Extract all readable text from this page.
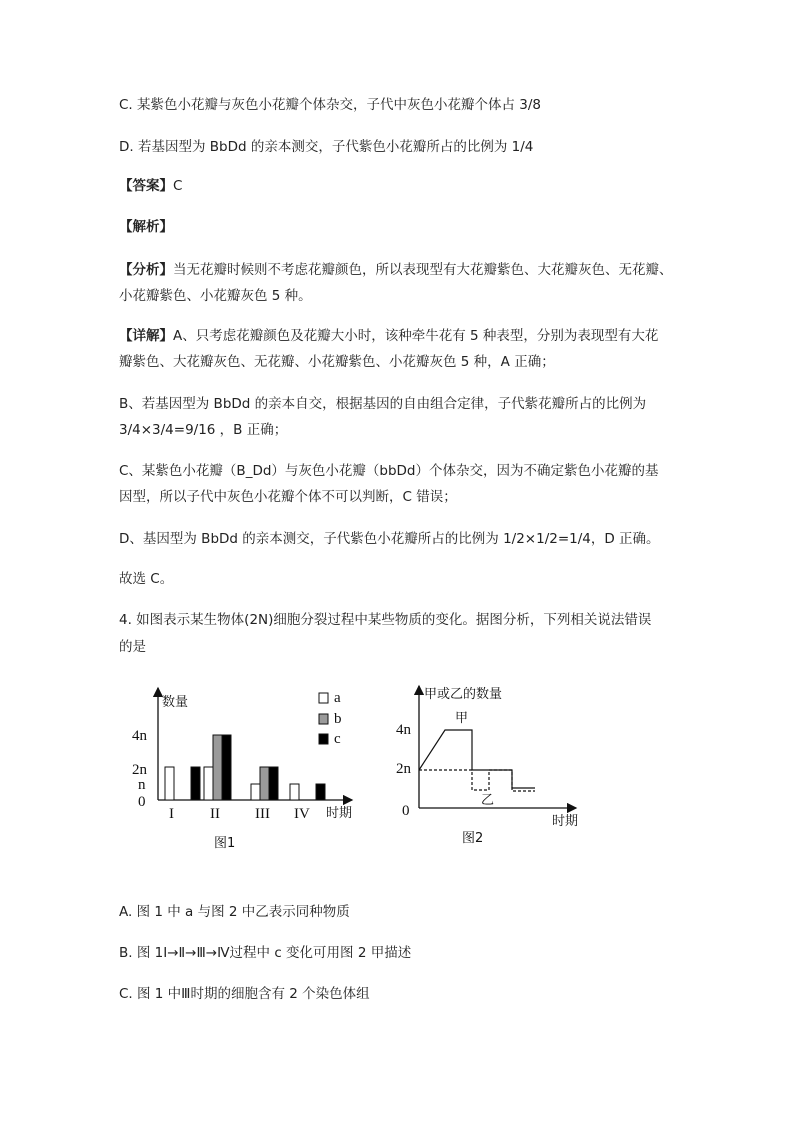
C. 某紫色小花瓣与灰色小花瓣个体杂交，子代中灰色小花瓣个体占 3/8
D. 若基因型为 BbDd 的亲本测交，子代紫色小花瓣所占的比例为 1/4
【答案】C
【解析】
【分析】当无花瓣时候则不考虑花瓣颜色，所以表现型有大花瓣紫色、大花瓣灰色、无花瓣、
小花瓣紫色、小花瓣灰色 5 种。
【详解】A、只考虑花瓣颜色及花瓣大小时，该种牵牛花有 5 种表型，分别为表现型有大花
瓣紫色、大花瓣灰色、无花瓣、小花瓣紫色、小花瓣灰色 5 种，A 正确；
B、若基因型为 BbDd 的亲本自交，根据基因的自由组合定律，子代紫花瓣所占的比例为
3/4×3/4=9/16 ，B 正确；
C、某紫色小花瓣（B_Dd）与灰色小花瓣（bbDd）个体杂交，因为不确定紫色小花瓣的基
因型，所以子代中灰色小花瓣个体不可以判断，C 错误；
D、基因型为 BbDd 的亲本测交，子代紫色小花瓣所占的比例为 1/2×1/2=1/4，D 正确。
故选 C。
4. 如图表示某生物体(2N)细胞分裂过程中某些物质的变化。据图分析，下列相关说法错误
的是
数量
时期
0
n
2n
4n
I II III IV
a
b
c
图1
甲或乙的数量
时期
0
2n
4n
甲
乙
图2
A. 图 1 中 a 与图 2 中乙表示同种物质
B. 图 1I→Ⅱ→Ⅲ→Ⅳ过程中 c 变化可用图 2 甲描述
C. 图 1 中Ⅲ时期的细胞含有 2 个染色体组
